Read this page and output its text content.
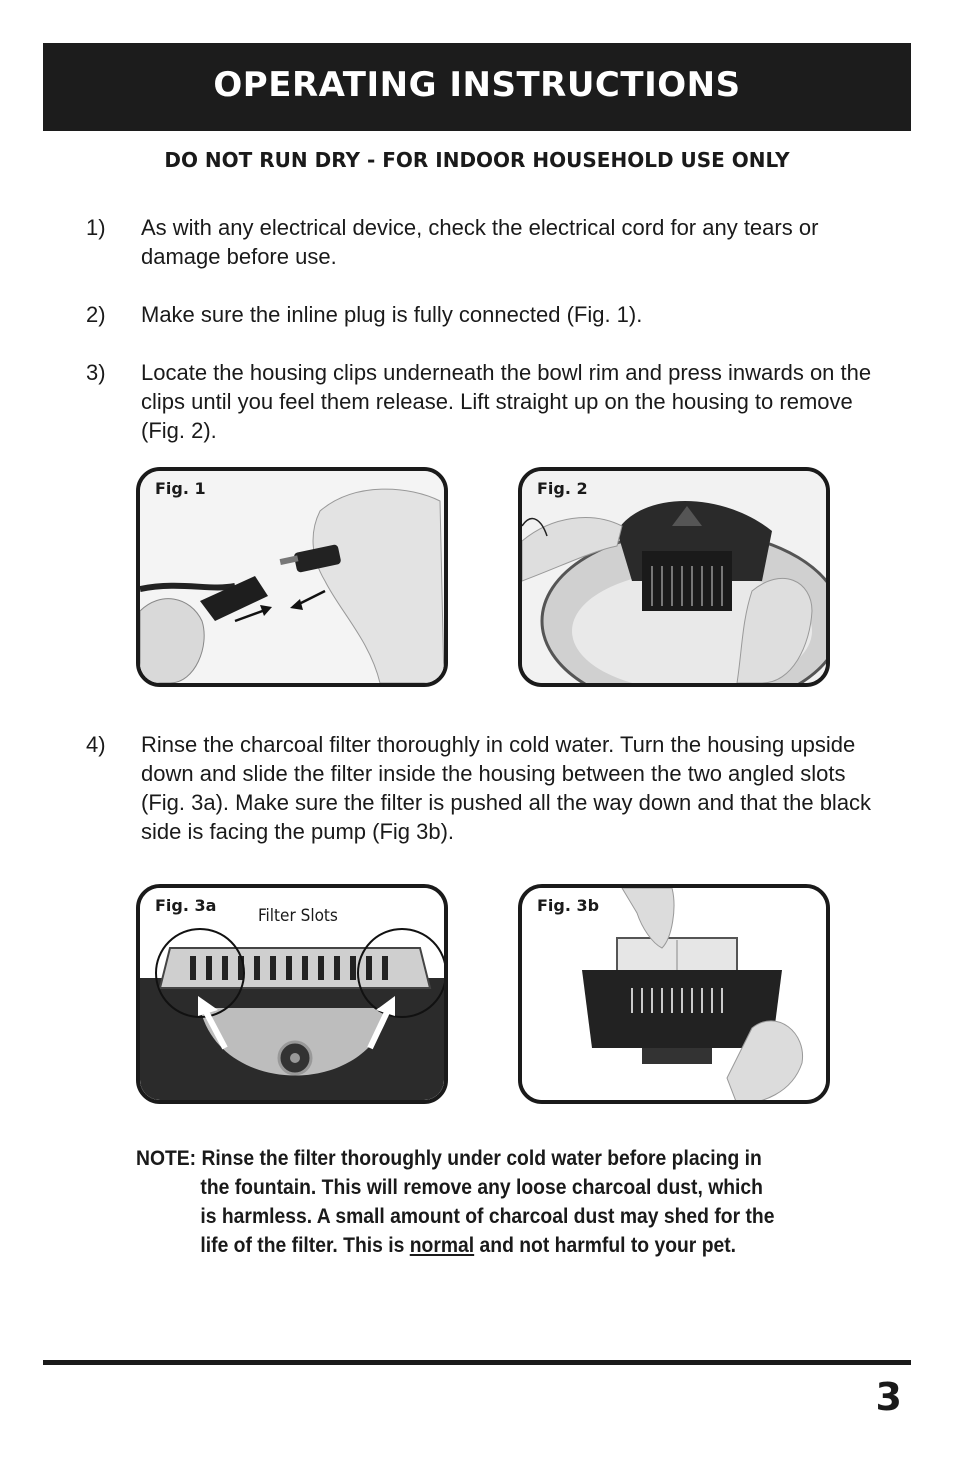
OPERATING INSTRUCTIONS
DO NOT RUN DRY - FOR INDOOR HOUSEHOLD USE ONLY
1) As with any electrical device, check the electrical cord for any tears or damage before use.
2) Make sure the inline plug is fully connected (Fig. 1).
3) Locate the housing clips underneath the bowl rim and press inwards on the clips until you feel them release. Lift straight up on the housing to remove (Fig. 2).
Fig. 1	Fig. 2
4) Rinse the charcoal filter thoroughly in cold water. Turn the housing upside down and slide the filter inside the housing between the two angled slots (Fig. 3a). Make sure the filter is pushed all the way down and that the black side is facing the pump (Fig 3b).
Fig. 3a
Filter Slots
Fig. 3b
NOTE: Rinse the filter thoroughly under cold water before placing in
the fountain. This will remove any loose charcoal dust, which
is harmless. A small amount of charcoal dust may shed for the
life of the filter. This is normal and not harmful to your pet.
3
